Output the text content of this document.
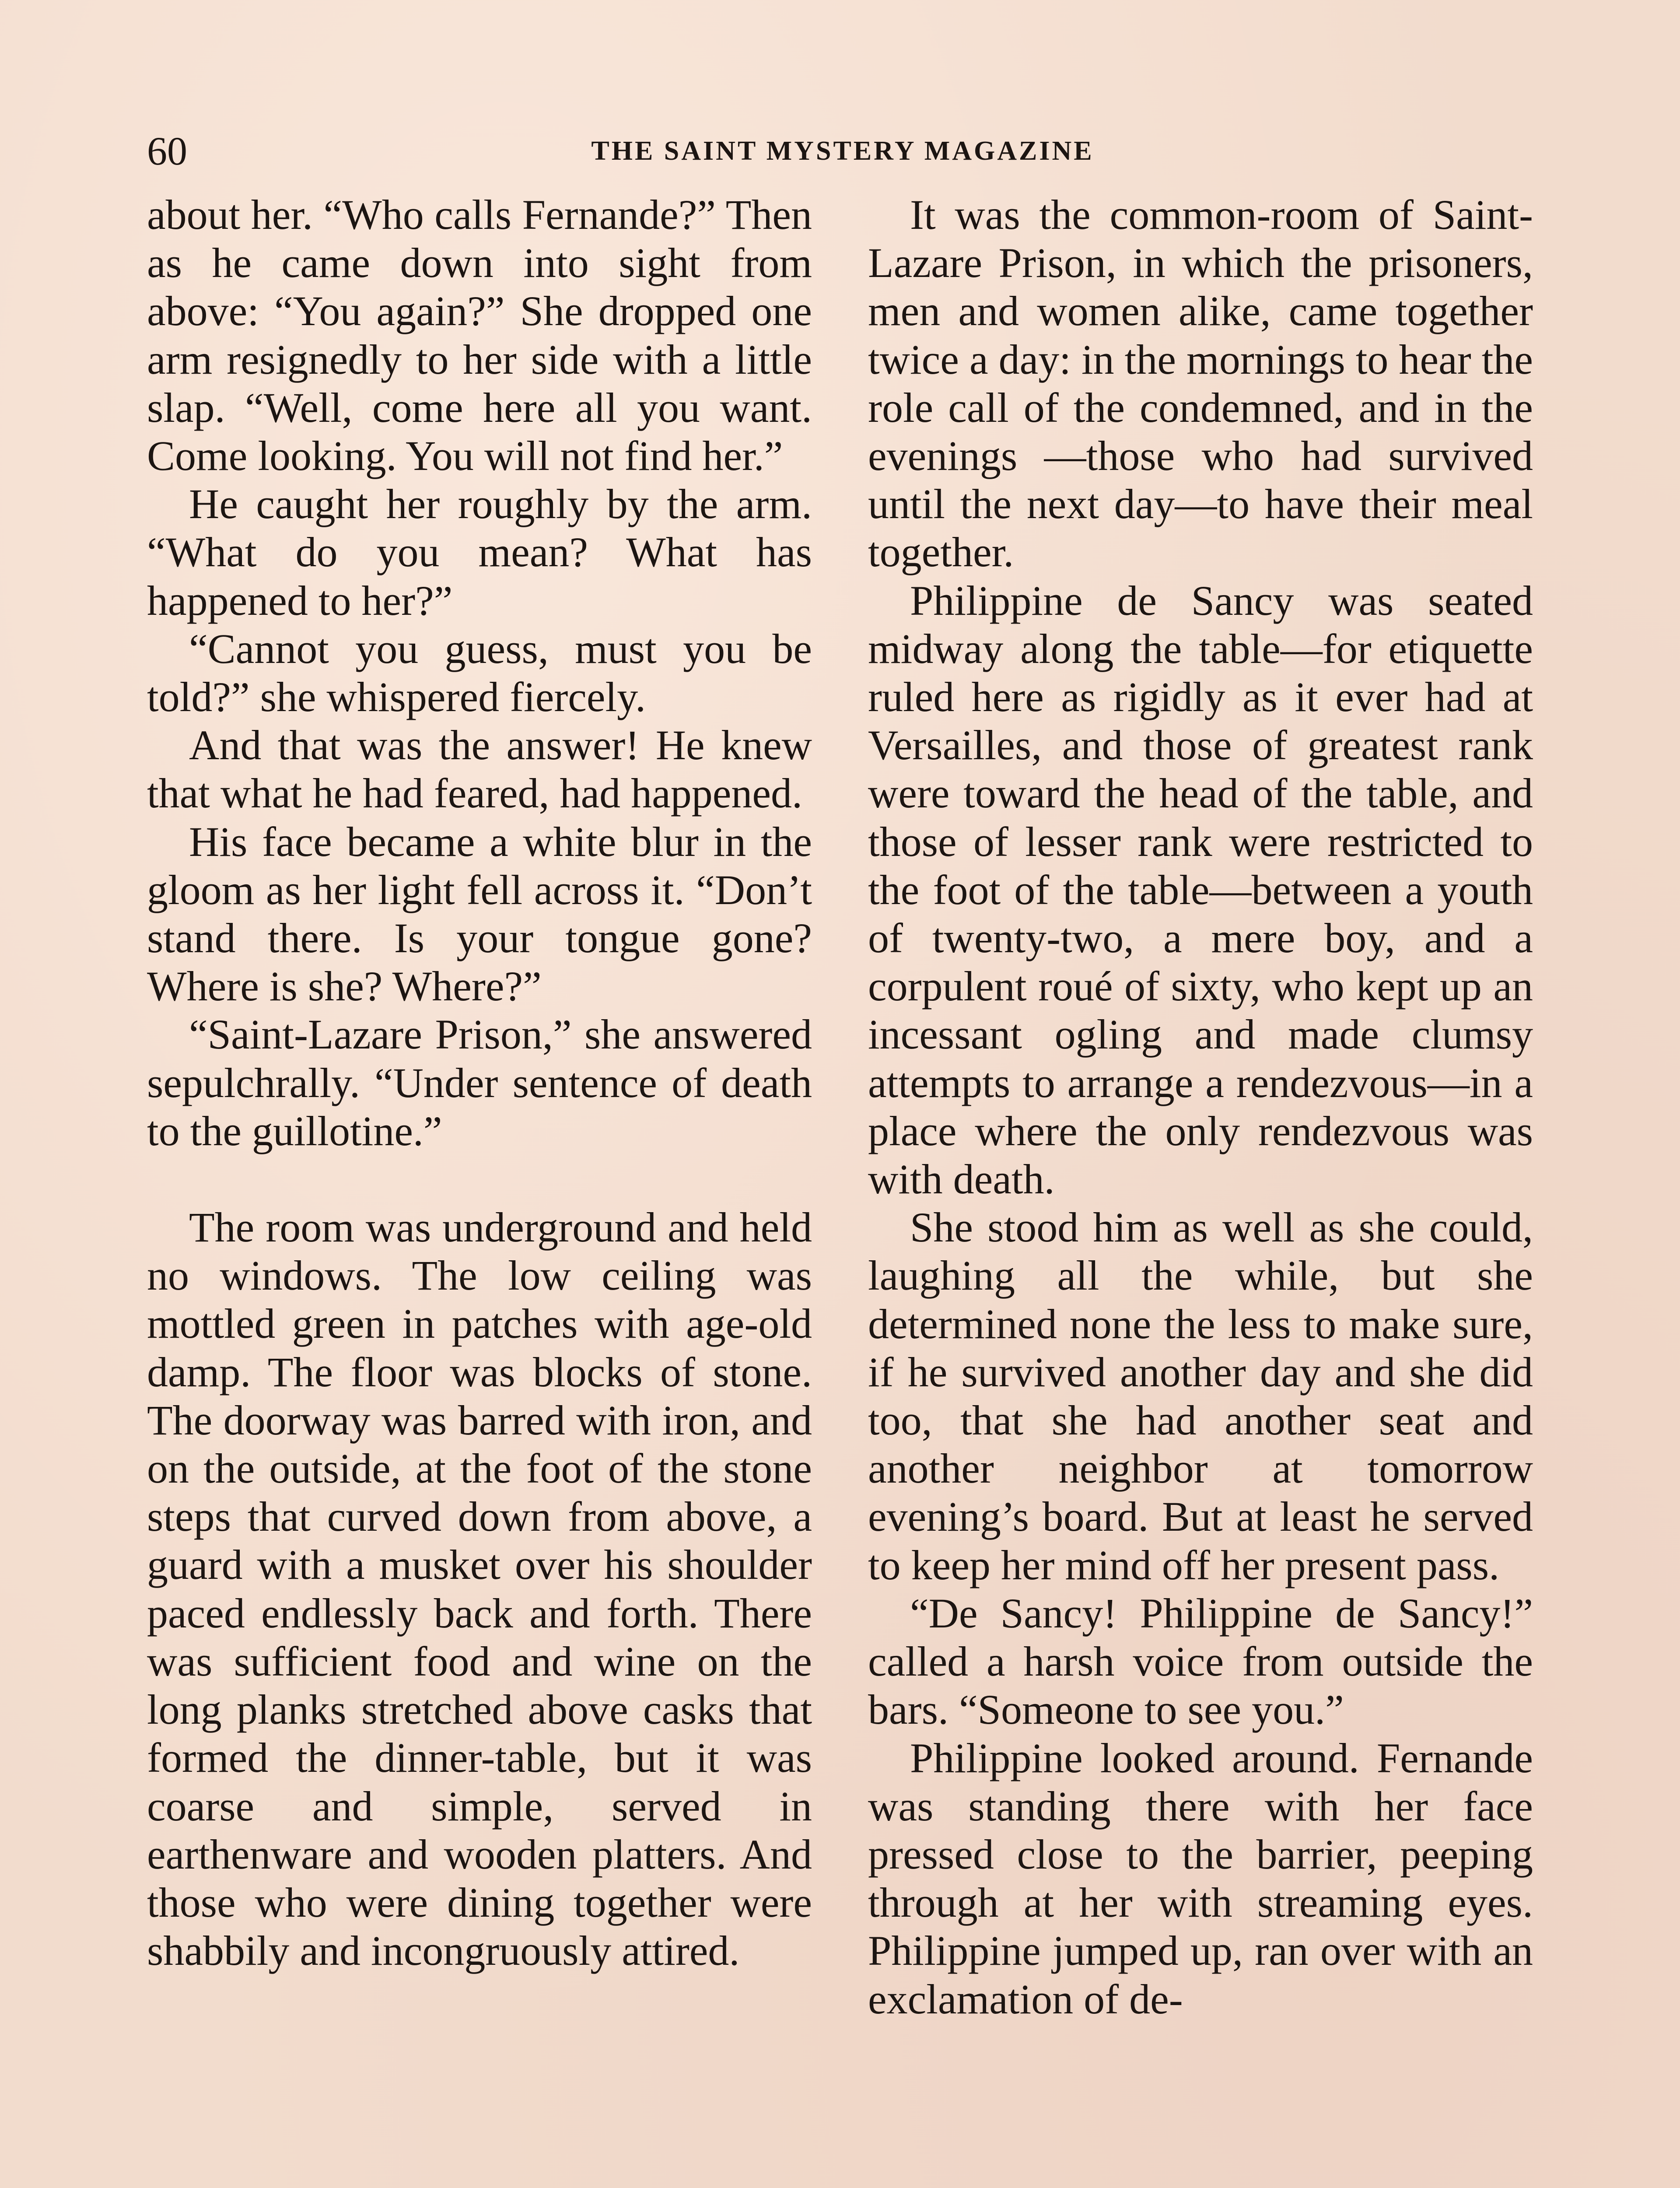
60	THE SAINT MYSTERY MAGAZINE

about her. “Who calls Fernande?” Then as he came down into sight from above: “You again?” She dropped one arm resignedly to her side with a little slap. “Well, come here all you want. Come looking. You will not find her.”

He caught her roughly by the arm. “What do you mean? What has happened to her?”

“Cannot you guess, must you be told?” she whispered fiercely.

And that was the answer! He knew that what he had feared, had happened.

His face became a white blur in the gloom as her light fell across it. “Don’t stand there. Is your tongue gone? Where is she? Where?”

“Saint-Lazare Prison,” she answered sepulchrally. “Under sentence of death to the guillotine.”

The room was underground and held no windows. The low ceiling was mottled green in patches with age-old damp. The floor was blocks of stone. The doorway was barred with iron, and on the outside, at the foot of the stone steps that curved down from above, a guard with a musket over his shoulder paced endlessly back and forth. There was sufficient food and wine on the long planks stretched above casks that formed the dinner-table, but it was coarse and simple, served in earthenware and wooden platters. And those who were dining together were shabbily and incongruously attired.

It was the common-room of Saint-Lazare Prison, in which the prisoners, men and women alike, came together twice a day: in the mornings to hear the role call of the condemned, and in the evenings —those who had survived until the next day—to have their meal together.

Philippine de Sancy was seated midway along the table—for etiquette ruled here as rigidly as it ever had at Versailles, and those of greatest rank were toward the head of the table, and those of lesser rank were restricted to the foot of the table—between a youth of twenty-two, a mere boy, and a corpulent roué of sixty, who kept up an incessant ogling and made clumsy attempts to arrange a rendezvous—in a place where the only rendezvous was with death.

She stood him as well as she could, laughing all the while, but she determined none the less to make sure, if he survived another day and she did too, that she had another seat and another neighbor at tomorrow evening’s board. But at least he served to keep her mind off her present pass.

“De Sancy! Philippine de Sancy!” called a harsh voice from outside the bars. “Someone to see you.”

Philippine looked around. Fernande was standing there with her face pressed close to the barrier, peeping through at her with streaming eyes. Philippine jumped up, ran over with an exclamation of de-
